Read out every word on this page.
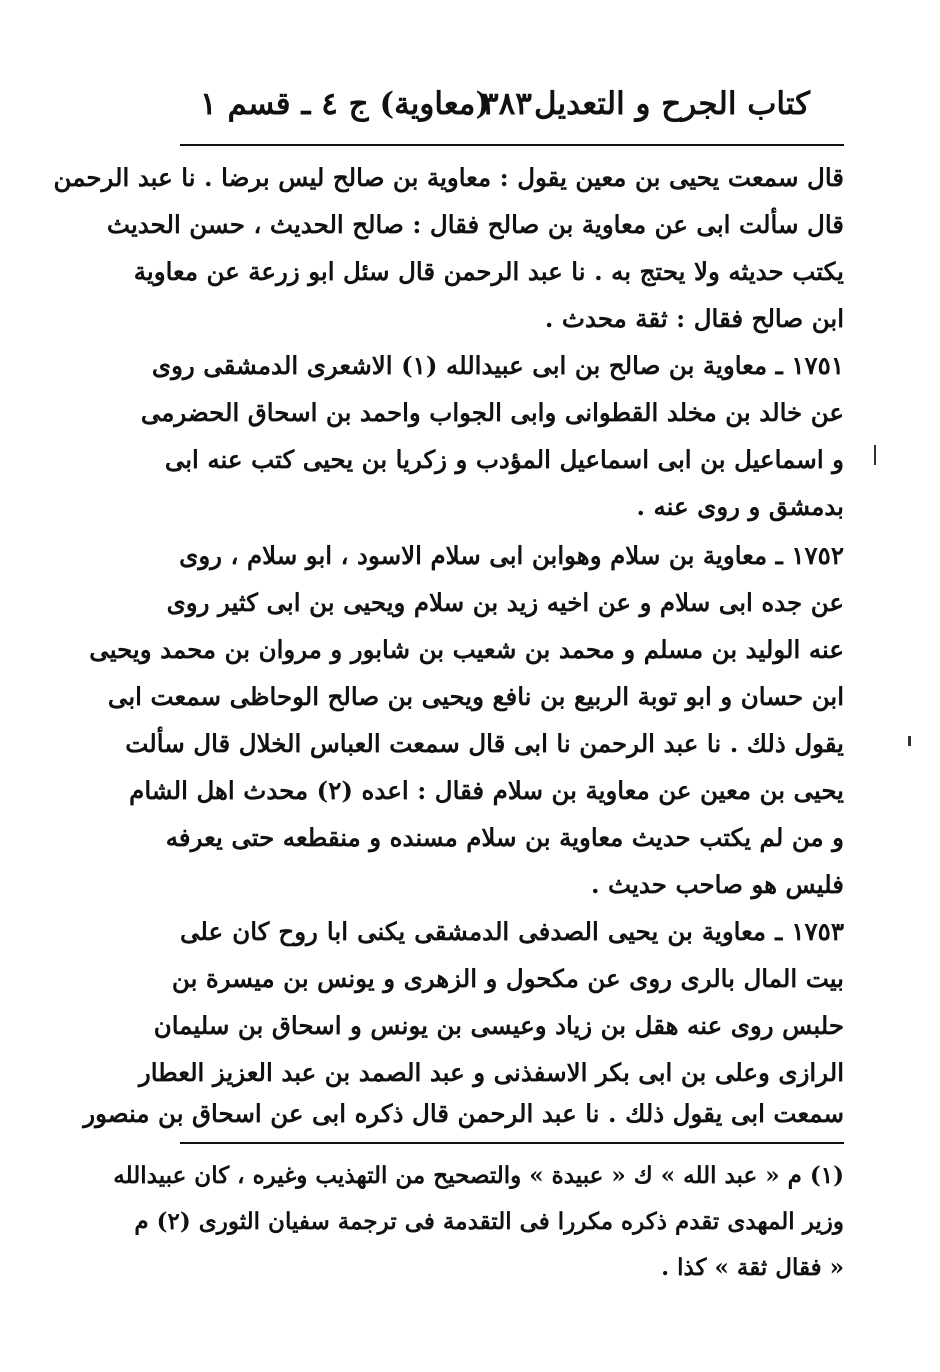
كتاب الجرح و التعديل
٣٨٣
(معاوية) ج ٤ ـ قسم ١
قال سمعت يحيى بن معين يقول : معاوية بن صالح ليس برضا . نا عبد الرحمن
قال سألت ابى عن معاوية بن صالح فقال : صالح الحديث ، حسن الحديث
يكتب حديثه ولا يحتج به . نا عبد الرحمن قال سئل ابو زرعة عن معاوية
ابن صالح فقال : ثقة محدث .
١٧٥١ ـ معاوية بن صالح بن ابى عبيدالله (١) الاشعرى الدمشقى روى
عن خالد بن مخلد القطوانى وابى الجواب واحمد بن اسحاق الحضرمى
و اسماعيل بن ابى اسماعيل المؤدب و زكريا بن يحيى كتب عنه ابى
بدمشق و روى عنه .
١٧٥٢ ـ معاوية بن سلام وهوابن ابى سلام الاسود ، ابو سلام ، روى
عن جده ابى سلام و عن اخيه زيد بن سلام ويحيى بن ابى كثير روى
عنه الوليد بن مسلم و محمد بن شعيب بن شابور و مروان بن محمد ويحيى
ابن حسان و ابو توبة الربيع بن نافع ويحيى بن صالح الوحاظى سمعت ابى
يقول ذلك . نا عبد الرحمن نا ابى قال سمعت العباس الخلال قال سألت
يحيى بن معين عن معاوية بن سلام فقال : اعده (٢) محدث اهل الشام
و من لم يكتب حديث معاوية بن سلام مسنده و منقطعه حتى يعرفه
فليس هو صاحب حديث .
١٧٥٣ ـ معاوية بن يحيى الصدفى الدمشقى يكنى ابا روح كان على
بيت المال بالرى روى عن مكحول و الزهرى و يونس بن ميسرة بن
حلبس روى عنه هقل بن زياد وعيسى بن يونس و اسحاق بن سليمان
الرازى وعلى بن ابى بكر الاسفذنى و عبد الصمد بن عبد العزيز العطار
سمعت ابى يقول ذلك . نا عبد الرحمن قال ذكره ابى عن اسحاق بن منصور
(١) م « عبد الله » ك « عبيدة » والتصحيح من التهذيب وغيره ، كان عبيدالله
وزير المهدى تقدم ذكره مكررا فى التقدمة فى ترجمة سفيان الثورى (٢) م
« فقال ثقة » كذا .
